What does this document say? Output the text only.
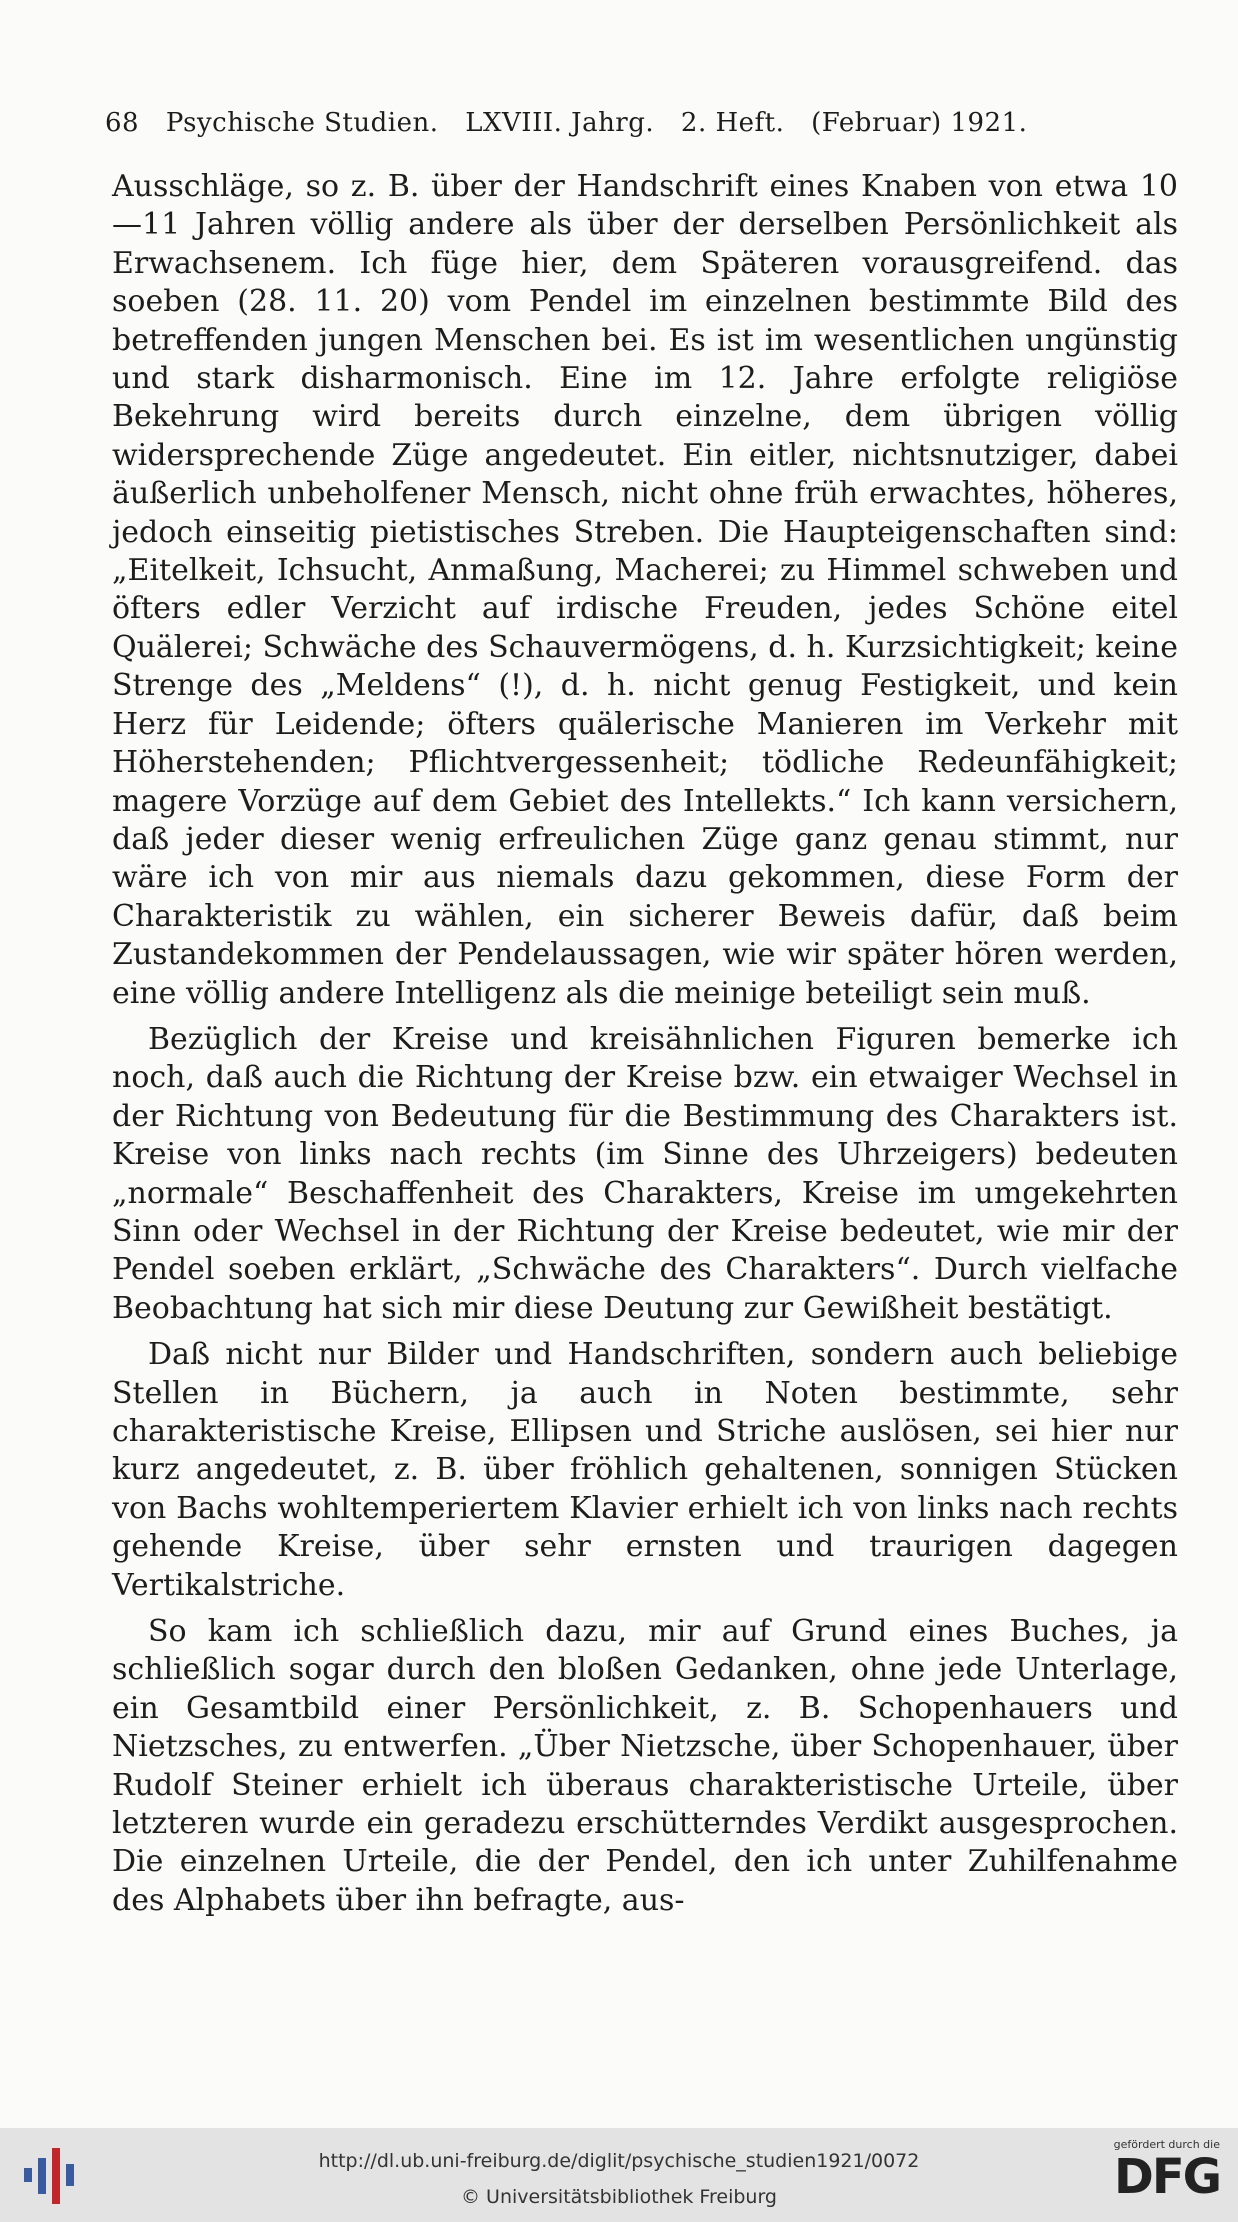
68 Psychische Studien. LXVIII. Jahrg. 2. Heft. (Februar) 1921.

Ausschläge, so z. B. über der Handschrift eines Knaben von etwa 10—11 Jahren völlig andere als über der derselben Persönlichkeit als Erwachsenem. Ich füge hier, dem Späteren vorausgreifend. das soeben (28. 11. 20) vom Pendel im einzelnen bestimmte Bild des betreffenden jungen Menschen bei. Es ist im wesentlichen ungünstig und stark disharmonisch. Eine im 12. Jahre erfolgte religiöse Bekehrung wird bereits durch einzelne, dem übrigen völlig widersprechende Züge angedeutet. Ein eitler, nichtsnutziger, dabei äußerlich unbeholfener Mensch, nicht ohne früh erwachtes, höheres, jedoch einseitig pietistisches Streben. Die Haupteigenschaften sind: „Eitelkeit, Ichsucht, Anmaßung, Macherei; zu Himmel schweben und öfters edler Verzicht auf irdische Freuden, jedes Schöne eitel Quälerei; Schwäche des Schauvermögens, d. h. Kurzsichtigkeit; keine Strenge des „Meldens“ (!), d. h. nicht genug Festigkeit, und kein Herz für Leidende; öfters quälerische Manieren im Verkehr mit Höherstehenden; Pflichtvergessenheit; tödliche Redeunfähigkeit; magere Vorzüge auf dem Gebiet des Intellekts.“ Ich kann versichern, daß jeder dieser wenig erfreulichen Züge ganz genau stimmt, nur wäre ich von mir aus niemals dazu gekommen, diese Form der Charakteristik zu wählen, ein sicherer Beweis dafür, daß beim Zustandekommen der Pendelaussagen, wie wir später hören werden, eine völlig andere Intelligenz als die meinige beteiligt sein muß.

Bezüglich der Kreise und kreisähnlichen Figuren bemerke ich noch, daß auch die Richtung der Kreise bzw. ein etwaiger Wechsel in der Richtung von Bedeutung für die Bestimmung des Charakters ist. Kreise von links nach rechts (im Sinne des Uhrzeigers) bedeuten „normale“ Beschaffenheit des Charakters, Kreise im umgekehrten Sinn oder Wechsel in der Richtung der Kreise bedeutet, wie mir der Pendel soeben erklärt, „Schwäche des Charakters“. Durch vielfache Beobachtung hat sich mir diese Deutung zur Gewißheit bestätigt.

Daß nicht nur Bilder und Handschriften, sondern auch beliebige Stellen in Büchern, ja auch in Noten bestimmte, sehr charakteristische Kreise, Ellipsen und Striche auslösen, sei hier nur kurz angedeutet, z. B. über fröhlich gehaltenen, sonnigen Stücken von Bachs wohltemperiertem Klavier erhielt ich von links nach rechts gehende Kreise, über sehr ernsten und traurigen dagegen Vertikalstriche.

So kam ich schließlich dazu, mir auf Grund eines Buches, ja schließlich sogar durch den bloßen Gedanken, ohne jede Unterlage, ein Gesamtbild einer Persönlichkeit, z. B. Schopenhauers und Nietzsches, zu entwerfen. „Über Nietzsche, über Schopenhauer, über Rudolf Steiner erhielt ich überaus charakteristische Urteile, über letzteren wurde ein geradezu erschütterndes Verdikt ausgesprochen. Die einzelnen Urteile, die der Pendel, den ich unter Zuhilfenahme des Alphabets über ihn befragte, aus-

http://dl.ub.uni-freiburg.de/diglit/psychische_studien1921/0072
© Universitätsbibliothek Freiburg
gefördert durch die
DFG
